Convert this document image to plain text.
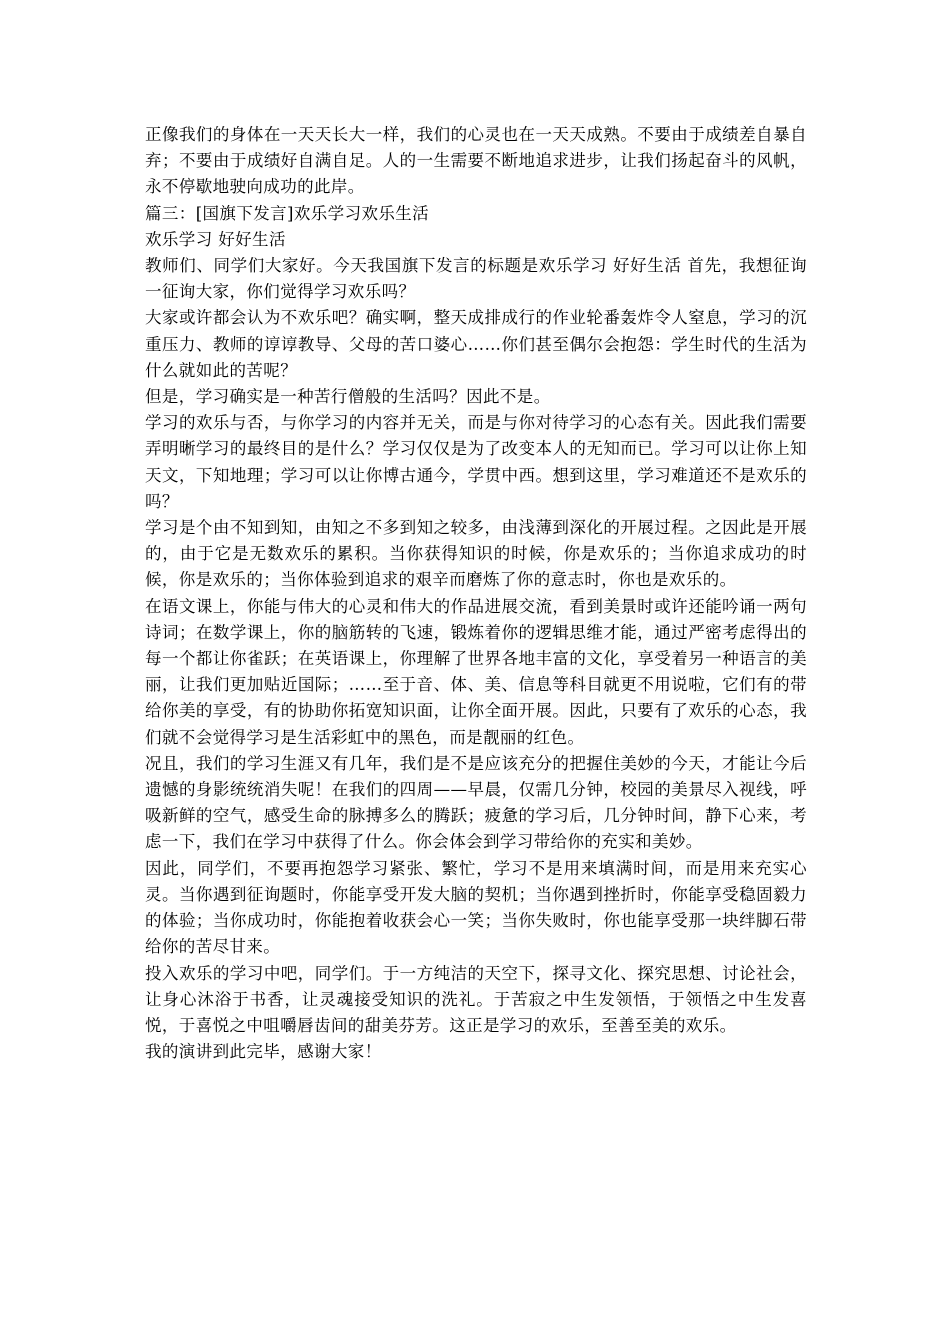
正像我们的身体在一天天长大一样，我们的心灵也在一天天成熟。不要由于成绩差自暴自弃；不要由于成绩好自满自足。人的一生需要不断地追求进步，让我们扬起奋斗的风帆，永不停歇地驶向成功的此岸。

篇三：[国旗下发言]欢乐学习欢乐生活

欢乐学习 好好生活

教师们、同学们大家好。今天我国旗下发言的标题是欢乐学习 好好生活 首先，我想征询一征询大家，你们觉得学习欢乐吗？

大家或许都会认为不欢乐吧？确实啊，整天成排成行的作业轮番轰炸令人窒息，学习的沉重压力、教师的谆谆教导、父母的苦口婆心……你们甚至偶尔会抱怨：学生时代的生活为什么就如此的苦呢？

但是，学习确实是一种苦行僧般的生活吗？因此不是。

学习的欢乐与否，与你学习的内容并无关，而是与你对待学习的心态有关。因此我们需要弄明晰学习的最终目的是什么？学习仅仅是为了改变本人的无知而已。学习可以让你上知天文，下知地理；学习可以让你博古通今，学贯中西。想到这里，学习难道还不是欢乐的吗？

学习是个由不知到知，由知之不多到知之较多，由浅薄到深化的开展过程。之因此是开展的，由于它是无数欢乐的累积。当你获得知识的时候，你是欢乐的；当你追求成功的时候，你是欢乐的；当你体验到追求的艰辛而磨炼了你的意志时，你也是欢乐的。

在语文课上，你能与伟大的心灵和伟大的作品进展交流，看到美景时或许还能吟诵一两句诗词；在数学课上，你的脑筋转的飞速，锻炼着你的逻辑思维才能，通过严密考虑得出的每一个都让你雀跃；在英语课上，你理解了世界各地丰富的文化，享受着另一种语言的美丽，让我们更加贴近国际；……至于音、体、美、信息等科目就更不用说啦，它们有的带给你美的享受，有的协助你拓宽知识面，让你全面开展。因此，只要有了欢乐的心态，我们就不会觉得学习是生活彩虹中的黑色，而是靓丽的红色。

况且，我们的学习生涯又有几年，我们是不是应该充分的把握住美妙的今天，才能让今后遗憾的身影统统消失呢！在我们的四周——早晨，仅需几分钟，校园的美景尽入视线，呼吸新鲜的空气，感受生命的脉搏多么的腾跃；疲惫的学习后，几分钟时间，静下心来，考虑一下，我们在学习中获得了什么。你会体会到学习带给你的充实和美妙。

因此，同学们，不要再抱怨学习紧张、繁忙，学习不是用来填满时间，而是用来充实心灵。当你遇到征询题时，你能享受开发大脑的契机；当你遇到挫折时，你能享受稳固毅力的体验；当你成功时，你能抱着收获会心一笑；当你失败时，你也能享受那一块绊脚石带给你的苦尽甘来。

投入欢乐的学习中吧，同学们。于一方纯洁的天空下，探寻文化、探究思想、讨论社会，让身心沐浴于书香，让灵魂接受知识的洗礼。于苦寂之中生发领悟，于领悟之中生发喜悦，于喜悦之中咀嚼唇齿间的甜美芬芳。这正是学习的欢乐，至善至美的欢乐。

我的演讲到此完毕，感谢大家！
